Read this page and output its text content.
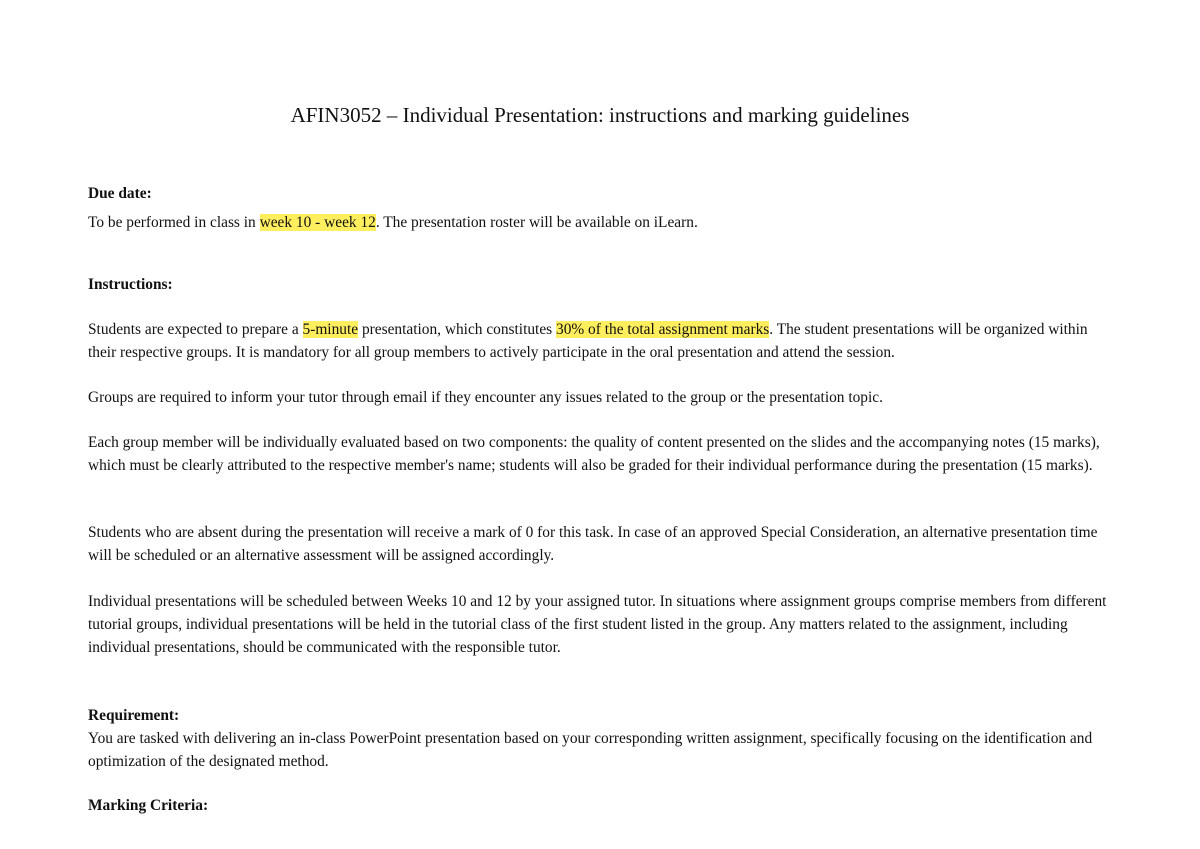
AFIN3052 – Individual Presentation: instructions and marking guidelines

Due date:

To be performed in class in week 10 - week 12. The presentation roster will be available on iLearn.

Instructions:

Students are expected to prepare a 5-minute presentation, which constitutes 30% of the total assignment marks. The student presentations will be organized within their respective groups. It is mandatory for all group members to actively participate in the oral presentation and attend the session.

Groups are required to inform your tutor through email if they encounter any issues related to the group or the presentation topic.

Each group member will be individually evaluated based on two components: the quality of content presented on the slides and the accompanying notes (15 marks), which must be clearly attributed to the respective member's name; students will also be graded for their individual performance during the presentation (15 marks).

Students who are absent during the presentation will receive a mark of 0 for this task. In case of an approved Special Consideration, an alternative presentation time will be scheduled or an alternative assessment will be assigned accordingly.

Individual presentations will be scheduled between Weeks 10 and 12 by your assigned tutor. In situations where assignment groups comprise members from different tutorial groups, individual presentations will be held in the tutorial class of the first student listed in the group. Any matters related to the assignment, including individual presentations, should be communicated with the responsible tutor.

Requirement:

You are tasked with delivering an in-class PowerPoint presentation based on your corresponding written assignment, specifically focusing on the identification and optimization of the designated method.

Marking Criteria:
